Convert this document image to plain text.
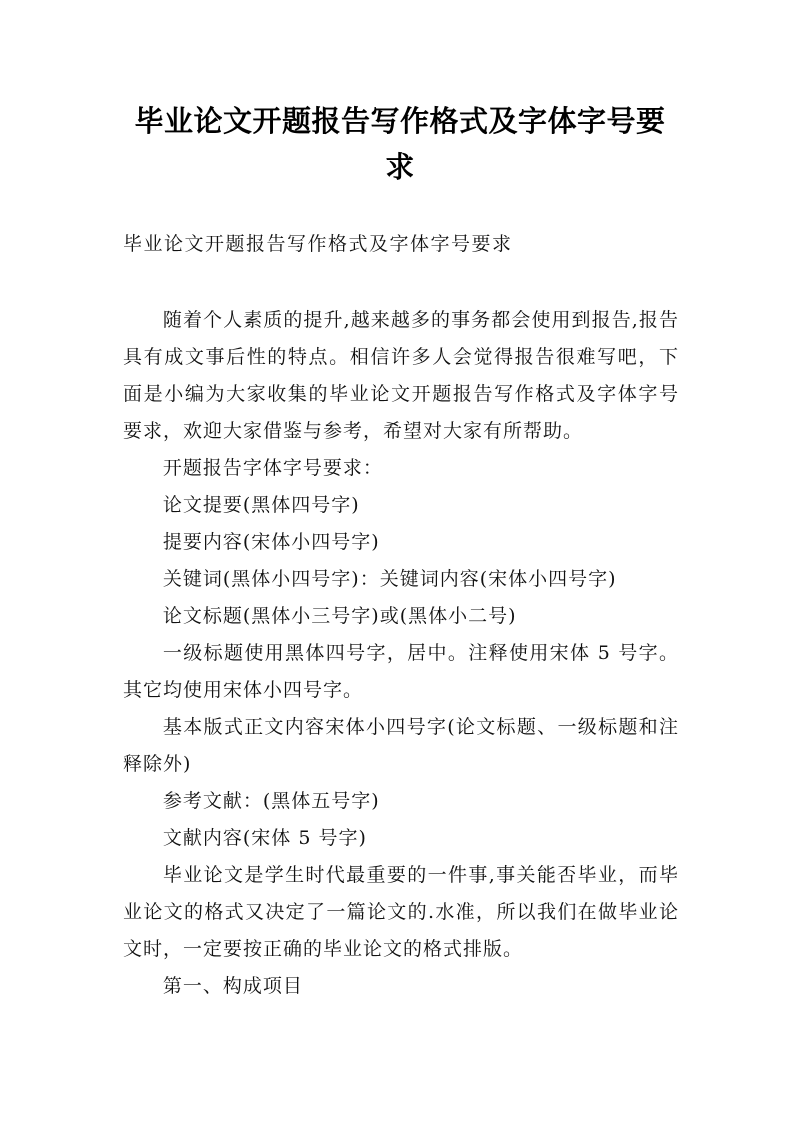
毕业论文开题报告写作格式及字体字号要求
毕业论文开题报告写作格式及字体字号要求

随着个人素质的提升,越来越多的事务都会使用到报告,报告具有成文事后性的特点。相信许多人会觉得报告很难写吧，下面是小编为大家收集的毕业论文开题报告写作格式及字体字号要求，欢迎大家借鉴与参考，希望对大家有所帮助。

开题报告字体字号要求：

论文提要(黑体四号字)

提要内容(宋体小四号字)

关键词(黑体小四号字)：关键词内容(宋体小四号字)

论文标题(黑体小三号字)或(黑体小二号)

一级标题使用黑体四号字，居中。注释使用宋体 5 号字。其它均使用宋体小四号字。

基本版式正文内容宋体小四号字(论文标题、一级标题和注释除外)

参考文献：(黑体五号字)

文献内容(宋体 5 号字)

毕业论文是学生时代最重要的一件事,事关能否毕业，而毕业论文的格式又决定了一篇论文的.水准，所以我们在做毕业论文时，一定要按正确的毕业论文的格式排版。

第一、构成项目
